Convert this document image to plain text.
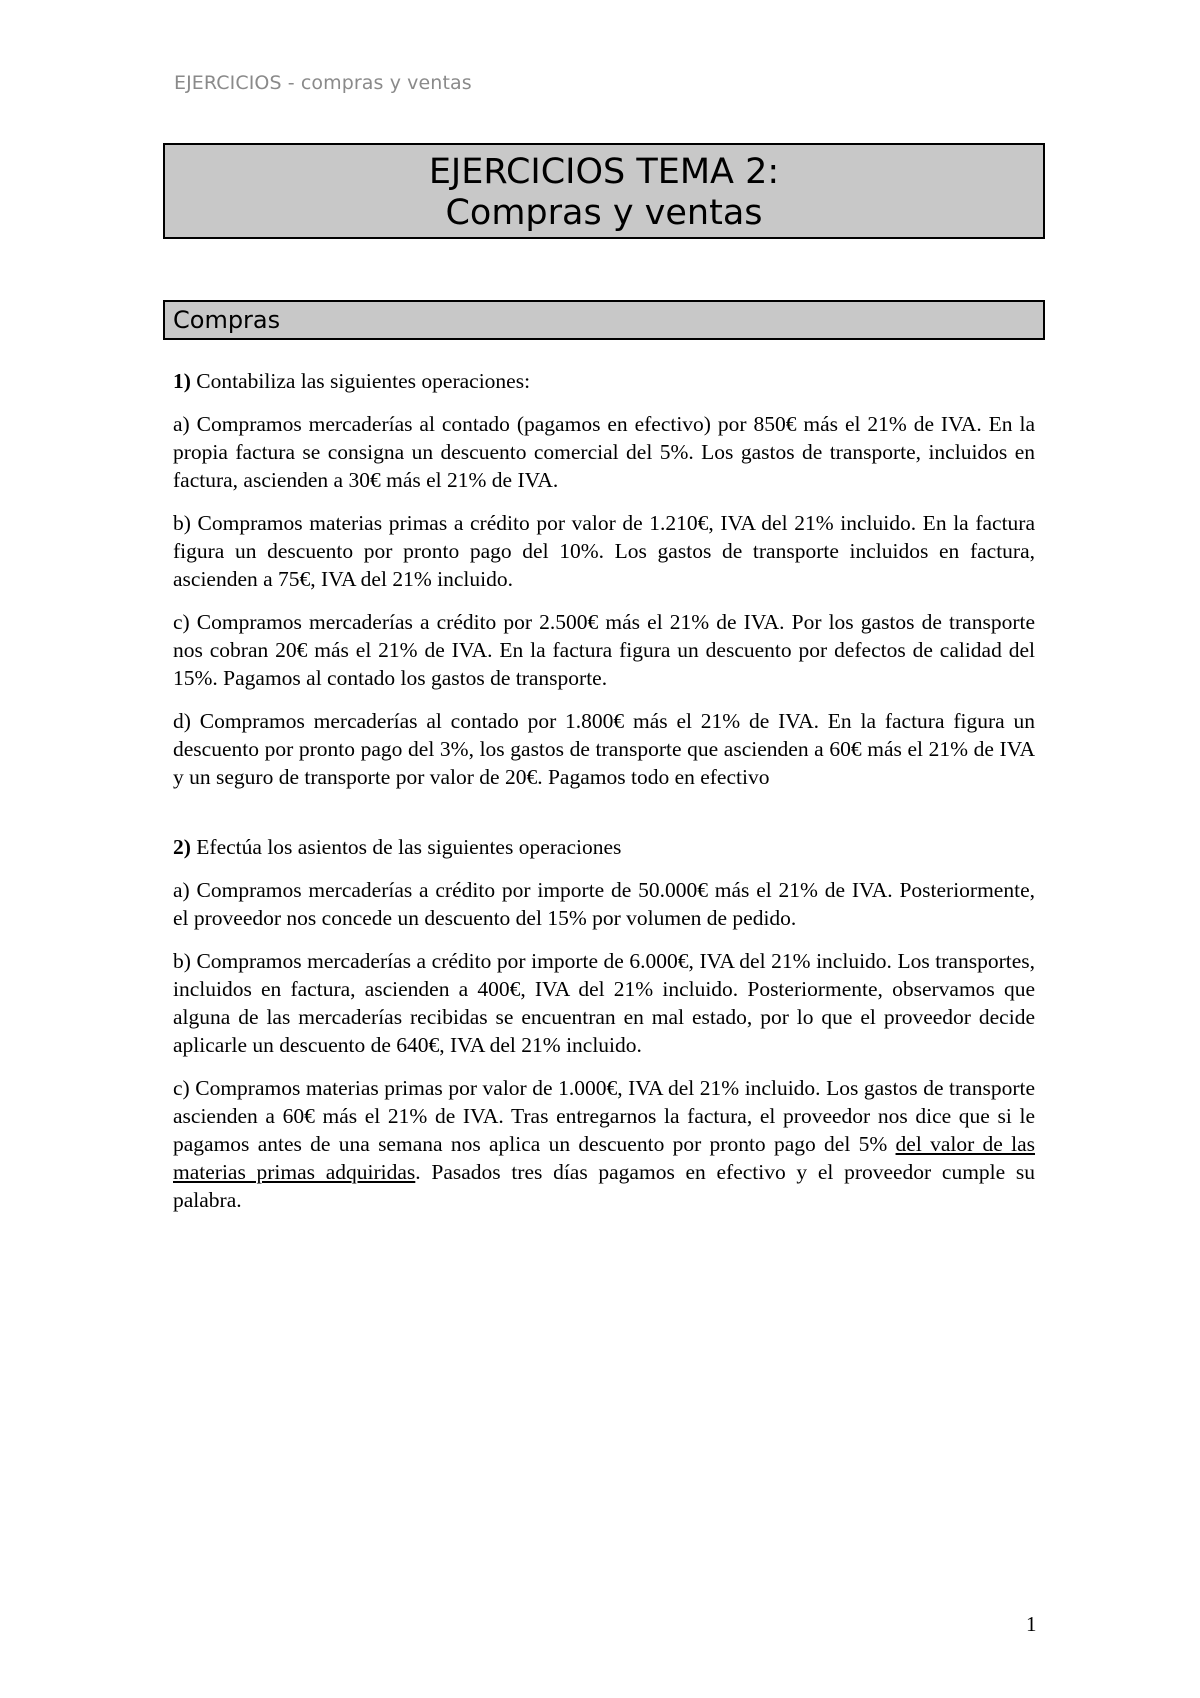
EJERCICIOS - compras y ventas
EJERCICIOS TEMA 2:
Compras y ventas
Compras

1) Contabiliza las siguientes operaciones:

a) Compramos mercaderías al contado (pagamos en efectivo) por 850€ más el 21% de IVA. En la propia factura se consigna un descuento comercial del 5%. Los gastos de transporte, incluidos en factura, ascienden a 30€ más el 21% de IVA.

b) Compramos materias primas a crédito por valor de 1.210€, IVA del 21% incluido. En la factura figura un descuento por pronto pago del 10%. Los gastos de transporte incluidos en factura, ascienden a 75€, IVA del 21% incluido.

c) Compramos mercaderías a crédito por 2.500€ más el 21% de IVA. Por los gastos de transporte nos cobran 20€ más el 21% de IVA. En la factura figura un descuento por defectos de calidad del 15%. Pagamos al contado los gastos de transporte.

d) Compramos mercaderías al contado por 1.800€ más el 21% de IVA. En la factura figura un descuento por pronto pago del 3%, los gastos de transporte que ascienden a 60€ más el 21% de IVA y un seguro de transporte por valor de 20€. Pagamos todo en efectivo

2) Efectúa los asientos de las siguientes operaciones

a) Compramos mercaderías a crédito por importe de 50.000€ más el 21% de IVA. Posteriormente, el proveedor nos concede un descuento del 15% por volumen de pedido.

b) Compramos mercaderías a crédito por importe de 6.000€, IVA del 21% incluido. Los transportes, incluidos en factura, ascienden a 400€, IVA del 21% incluido. Posteriormente, observamos que alguna de las mercaderías recibidas se encuentran en mal estado, por lo que el proveedor decide aplicarle un descuento de 640€, IVA del 21% incluido.

c) Compramos materias primas por valor de 1.000€, IVA del 21% incluido. Los gastos de transporte ascienden a 60€ más el 21% de IVA. Tras entregarnos la factura, el proveedor nos dice que si le pagamos antes de una semana nos aplica un descuento por pronto pago del 5% del valor de las materias primas adquiridas. Pasados tres días pagamos en efectivo y el proveedor cumple su palabra.

1
